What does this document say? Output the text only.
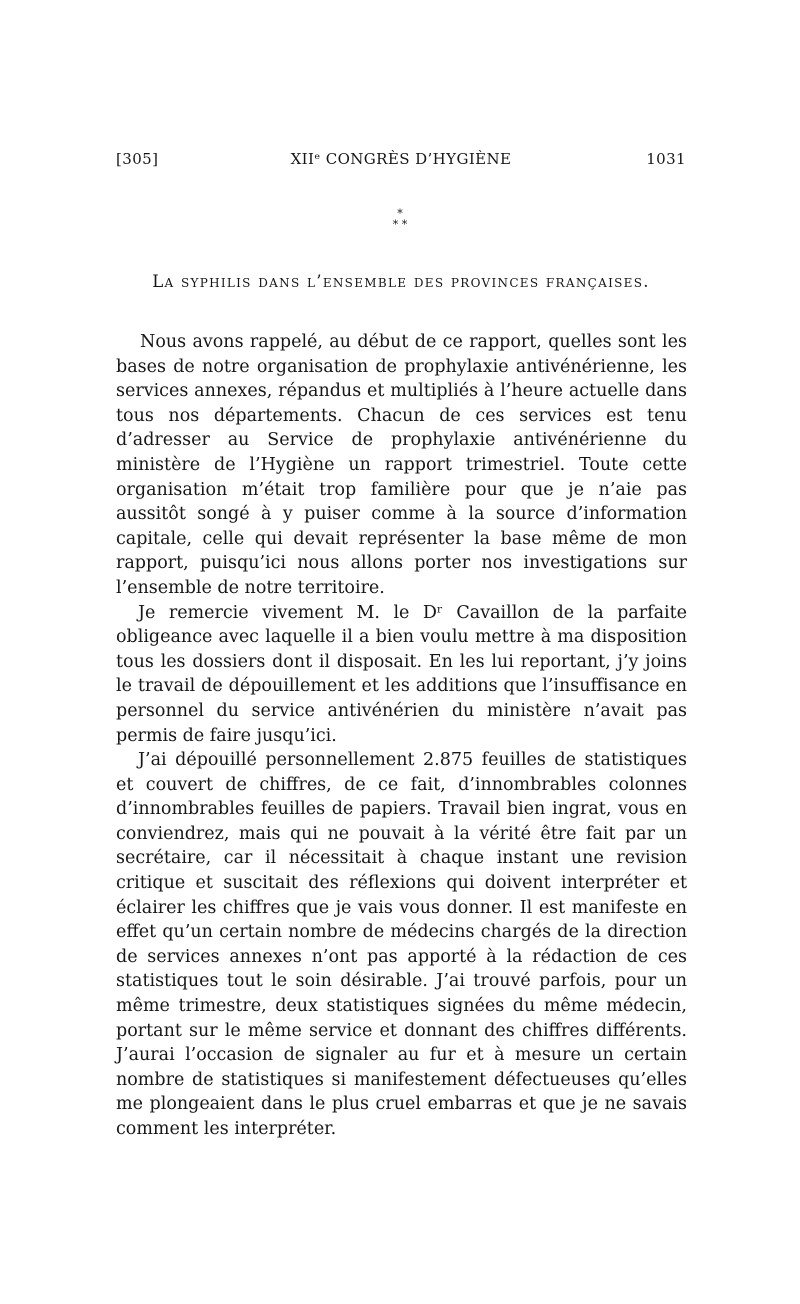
[305]	XIIᵉ CONGRÈS D’HYGIÈNE	1031
*
* *
La syphilis dans l’ensemble des provinces françaises.

Nous avons rappelé, au début de ce rapport, quelles sont les bases de notre organisation de prophylaxie antivénérienne, les services annexes, répandus et multipliés à l’heure actuelle dans tous nos départements. Chacun de ces services est tenu d’adresser au Service de prophylaxie antivénérienne du ministère de l’Hygiène un rapport trimestriel. Toute cette organisation m’était trop familière pour que je n’aie pas aussitôt songé à y puiser comme à la source d’information capitale, celle qui devait représenter la base même de mon rapport, puisqu’ici nous allons porter nos investigations sur l’ensemble de notre territoire.

Je remercie vivement M. le Dʳ Cavaillon de la parfaite obligeance avec laquelle il a bien voulu mettre à ma disposition tous les dossiers dont il disposait. En les lui reportant, j’y joins le travail de dépouillement et les additions que l’insuffisance en personnel du service antivénérien du ministère n’avait pas permis de faire jusqu’ici.

J’ai dépouillé personnellement 2.875 feuilles de statistiques et couvert de chiffres, de ce fait, d’innombrables colonnes d’innombrables feuilles de papiers. Travail bien ingrat, vous en conviendrez, mais qui ne pouvait à la vérité être fait par un secrétaire, car il nécessitait à chaque instant une revision critique et suscitait des réflexions qui doivent interpréter et éclairer les chiffres que je vais vous donner. Il est manifeste en effet qu’un certain nombre de médecins chargés de la direction de services annexes n’ont pas apporté à la rédaction de ces statistiques tout le soin désirable. J’ai trouvé parfois, pour un même trimestre, deux statistiques signées du même médecin, portant sur le même service et donnant des chiffres différents. J’aurai l’occasion de signaler au fur et à mesure un certain nombre de statistiques si manifestement défectueuses qu’elles me plongeaient dans le plus cruel embarras et que je ne savais comment les interpréter.
